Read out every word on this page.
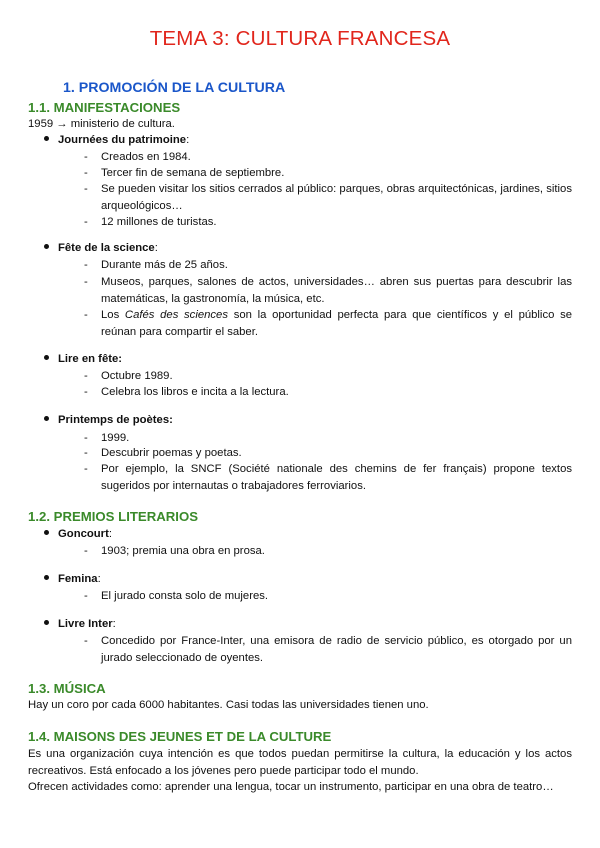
TEMA 3: CULTURA FRANCESA
1. PROMOCIÓN DE LA CULTURA
1.1. MANIFESTACIONES
1959 → ministerio de cultura.
Journées du patrimoine:
- Creados en 1984.
- Tercer fin de semana de septiembre.
- Se pueden visitar los sitios cerrados al público: parques, obras arquitectónicas, jardines, sitios arqueológicos…
- 12 millones de turistas.
Fête de la science:
- Durante más de 25 años.
- Museos, parques, salones de actos, universidades… abren sus puertas para descubrir las matemáticas, la gastronomía, la música, etc.
- Los Cafés des sciences son la oportunidad perfecta para que científicos y el público se reúnan para compartir el saber.
Lire en fête:
- Octubre 1989.
- Celebra los libros e incita a la lectura.
Printemps de poètes:
- 1999.
- Descubrir poemas y poetas.
- Por ejemplo, la SNCF (Société nationale des chemins de fer français) propone textos sugeridos por internautas o trabajadores ferroviarios.
1.2. PREMIOS LITERARIOS
Goncourt:
- 1903; premia una obra en prosa.
Femina:
- El jurado consta solo de mujeres.
Livre Inter:
- Concedido por France-Inter, una emisora de radio de servicio público, es otorgado por un jurado seleccionado de oyentes.
1.3. MÚSICA
Hay un coro por cada 6000 habitantes. Casi todas las universidades tienen uno.
1.4. MAISONS DES JEUNES ET DE LA CULTURE
Es una organización cuya intención es que todos puedan permitirse la cultura, la educación y los actos recreativos. Está enfocado a los jóvenes pero puede participar todo el mundo.
Ofrecen actividades como: aprender una lengua, tocar un instrumento, participar en una obra de teatro…
